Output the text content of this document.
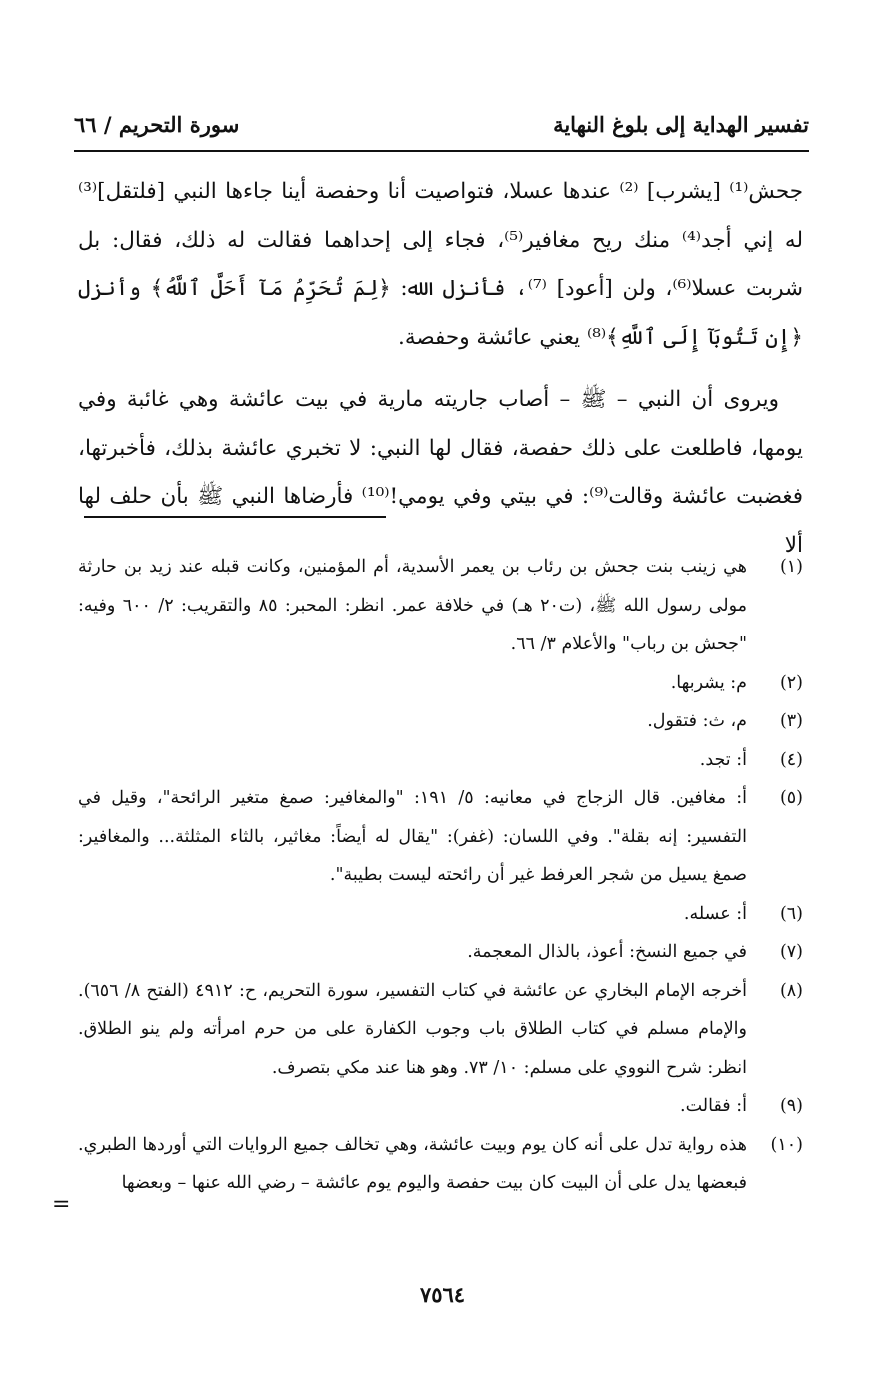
تفسير الهداية إلى بلوغ النهاية
سورة التحريم / ٦٦

جحش⁽¹⁾ [يشرب] ⁽²⁾ عندها عسلا، فتواصيت أنا وحفصة أينا جاءها النبي [فلتقل]⁽³⁾ له إني أجد⁽⁴⁾ منك ريح مغافير⁽⁵⁾، فجاء إلى إحداهما فقالت له ذلك، فقال: بل شربت عسلا⁽⁶⁾، ولن [أعود] ⁽⁷⁾، فأنزل الله: ﴿لِمَ تُحَرِّمُ مَآ أَحَلَّ ٱللَّهُ﴾ وأنزل ﴿إِن تَتُوبَآ إِلَى ٱللَّهِ﴾⁽⁸⁾ يعني عائشة وحفصة.

ويروى أن النبي – ﷺ – أصاب جاريته مارية في بيت عائشة وهي غائبة وفي يومها، فاطلعت على ذلك حفصة، فقال لها النبي: لا تخبري عائشة بذلك، فأخبرتها، فغضبت عائشة وقالت⁽⁹⁾: في بيتي وفي يومي!⁽¹⁰⁾ فأرضاها النبي ﷺ بأن حلف لها ألا

(١)
هي زينب بنت جحش بن رئاب بن يعمر الأسدية، أم المؤمنين، وكانت قبله عند زيد بن حارثة مولى رسول الله ﷺ، (ت٢٠ هـ) في خلافة عمر. انظر: المحبر: ٨٥ والتقريب: ٢/ ٦٠٠ وفيه: "جحش بن رباب" والأعلام ٣/ ٦٦.
(٢)
م: يشربها.
(٣)
م، ث: فتقول.
(٤)
أ: تجد.
(٥)
أ: مغافين. قال الزجاج في معانيه: ٥/ ١٩١: "والمغافير: صمغ متغير الرائحة"، وقيل في التفسير: إنه بقلة". وفي اللسان: (غفر): "يقال له أيضاً: مغاثير، بالثاء المثلثة... والمغافير: صمغ يسيل من شجر العرفط غير أن رائحته ليست بطيبة".
(٦)
أ: عسله.
(٧)
في جميع النسخ: أعوذ، بالذال المعجمة.
(٨)
أخرجه الإمام البخاري عن عائشة في كتاب التفسير، سورة التحريم، ح: ٤٩١٢ (الفتح ٨/ ٦٥٦). والإمام مسلم في كتاب الطلاق باب وجوب الكفارة على من حرم امرأته ولم ينو الطلاق. انظر: شرح النووي على مسلم: ١٠/ ٧٣. وهو هنا عند مكي بتصرف.
(٩)
أ: فقالت.
(١٠)
هذه رواية تدل على أنه كان يوم وبيت عائشة، وهي تخالف جميع الروايات التي أوردها الطبري. فبعضها يدل على أن البيت كان بيت حفصة واليوم يوم عائشة – رضي الله عنها – وبعضها
=
٧٥٦٤
